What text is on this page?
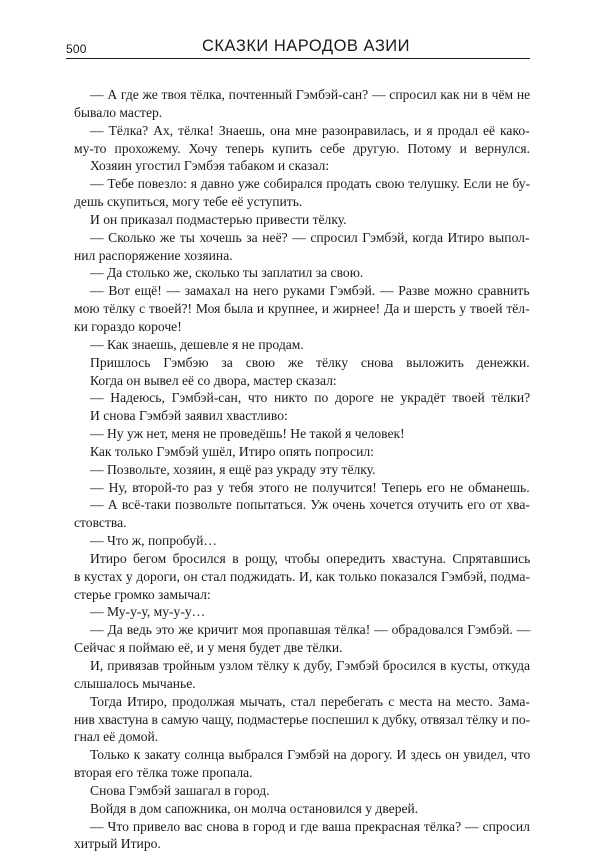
500	СКАЗКИ НАРОДОВ АЗИИ
— А где же твоя тёлка, почтенный Гэмбэй-сан? — спросил как ни в чём не
бывало мастер.
— Тёлка? Ах, тёлка! Знаешь, она мне разонравилась, и я продал её како-
му-то прохожему. Хочу теперь купить себе другую. Потому и вернулся.
Хозяин угостил Гэмбэя табаком и сказал:
— Тебе повезло: я давно уже собирался продать свою телушку. Если не бу-
дешь скупиться, могу тебе её уступить.
И он приказал подмастерью привести тёлку.
— Сколько же ты хочешь за неё? — спросил Гэмбэй, когда Итиро выпол-
нил распоряжение хозяина.
— Да столько же, сколько ты заплатил за свою.
— Вот ещё! — замахал на него руками Гэмбэй. — Разве можно сравнить
мою тёлку с твоей?! Моя была и крупнее, и жирнее! Да и шерсть у твоей тёл-
ки гораздо короче!
— Как знаешь, дешевле я не продам.
Пришлось Гэмбэю за свою же тёлку снова выложить денежки.
Когда он вывел её со двора, мастер сказал:
— Надеюсь, Гэмбэй-сан, что никто по дороге не украдёт твоей тёлки?
И снова Гэмбэй заявил хвастливо:
— Ну уж нет, меня не проведёшь! Не такой я человек!
Как только Гэмбэй ушёл, Итиро опять попросил:
— Позвольте, хозяин, я ещё раз украду эту тёлку.
— Ну, второй-то раз у тебя этого не получится! Теперь его не обманешь.
— А всё-таки позвольте попытаться. Уж очень хочется отучить его от хва-
стовства.
— Что ж, попробуй…
Итиро бегом бросился в рощу, чтобы опередить хвастуна. Спрятавшись
в кустах у дороги, он стал поджидать. И, как только показался Гэмбэй, подма-
стерье громко замычал:
— Му-у-у, му-у-у…
— Да ведь это же кричит моя пропавшая тёлка! — обрадовался Гэмбэй. —
Сейчас я поймаю её, и у меня будет две тёлки.
И, привязав тройным узлом тёлку к дубу, Гэмбэй бросился в кусты, откуда
слышалось мычанье.
Тогда Итиро, продолжая мычать, стал перебегать с места на место. Зама-
нив хвастуна в самую чащу, подмастерье поспешил к дубку, отвязал тёлку и по-
гнал её домой.
Только к закату солнца выбрался Гэмбэй на дорогу. И здесь он увидел, что
вторая его тёлка тоже пропала.
Снова Гэмбэй зашагал в город.
Войдя в дом сапожника, он молча остановился у дверей.
— Что привело вас снова в город и где ваша прекрасная тёлка? — спросил
хитрый Итиро.
